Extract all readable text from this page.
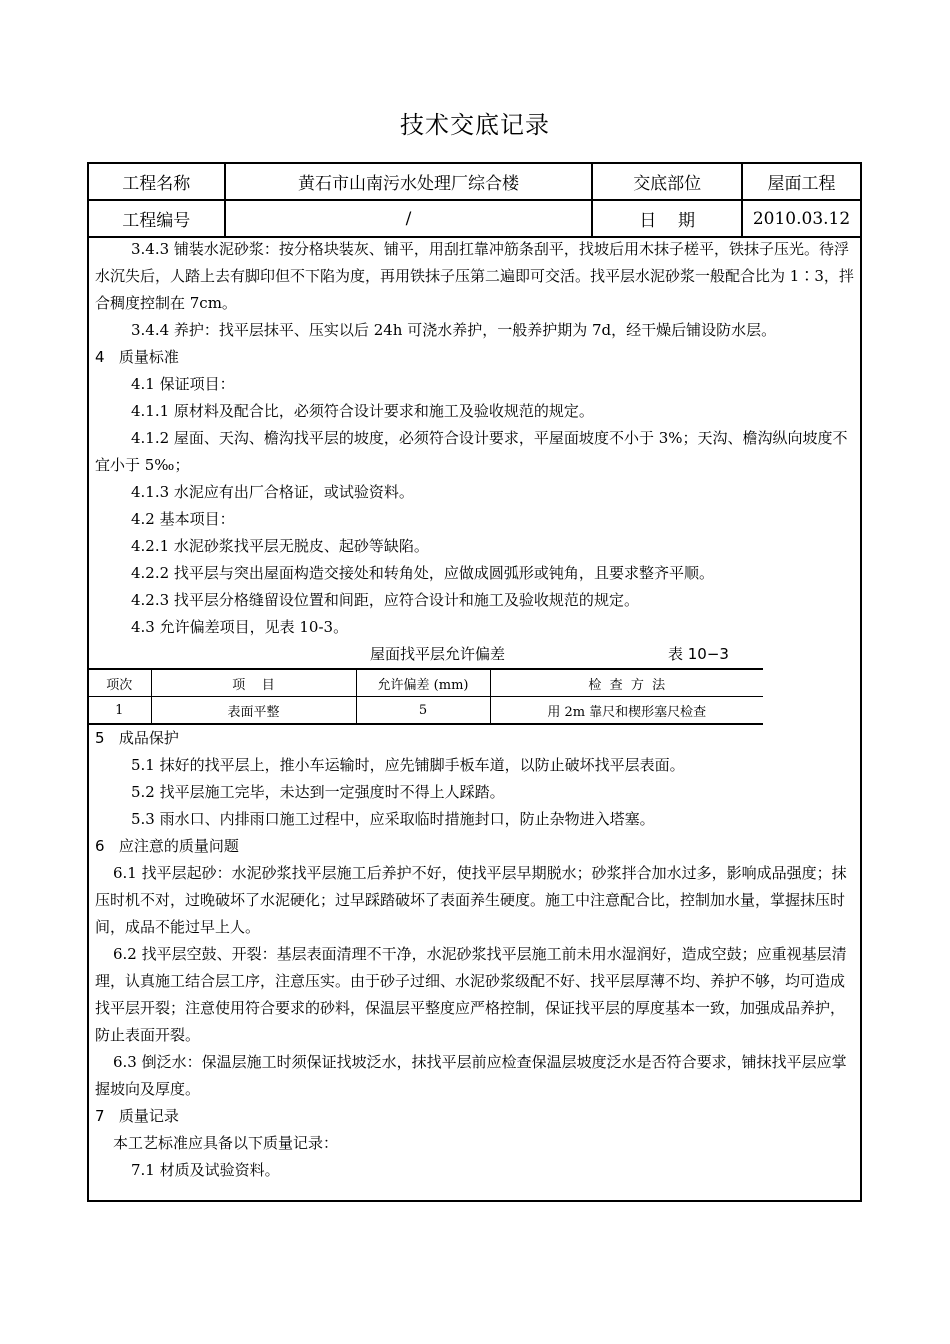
技术交底记录
工程名称	黄石市山南污水处理厂综合楼	交底部位	屋面工程
工程编号	/	日    期	2010.03.12
3.4.3 铺装水泥砂浆：按分格块装灰、铺平，用刮扛靠冲筋条刮平，找坡后用木抹子槎平，铁抹子压光。待浮水沉失后，人踏上去有脚印但不下陷为度，再用铁抹子压第二遍即可交活。找平层水泥砂浆一般配合比为 1∶3，拌合稠度控制在 7cm。
3.4.4 养护：找平层抹平、压实以后 24h 可浇水养护，一般养护期为 7d，经干燥后铺设防水层。
4   质量标准
4.1 保证项目：
4.1.1 原材料及配合比，必须符合设计要求和施工及验收规范的规定。
4.1.2 屋面、天沟、檐沟找平层的坡度，必须符合设计要求，平屋面坡度不小于 3%；天沟、檐沟纵向坡度不宜小于 5‰；
4.1.3 水泥应有出厂合格证，或试验资料。
4.2 基本项目：
4.2.1 水泥砂浆找平层无脱皮、起砂等缺陷。
4.2.2 找平层与突出屋面构造交接处和转角处，应做成圆弧形或钝角，且要求整齐平顺。
4.2.3 找平层分格缝留设位置和间距，应符合设计和施工及验收规范的规定。
4.3 允许偏差项目，见表 10-3。
屋面找平层允许偏差	表 10−3
项次	项    目	允许偏差 (mm)	检  查  方  法
1	表面平整	5	用 2m 靠尺和楔形塞尺检查
5   成品保护
5.1 抹好的找平层上，推小车运输时，应先铺脚手板车道，以防止破坏找平层表面。
5.2 找平层施工完毕，未达到一定强度时不得上人踩踏。
5.3 雨水口、内排雨口施工过程中，应采取临时措施封口，防止杂物进入塔塞。
6   应注意的质量问题
6.1 找平层起砂：水泥砂浆找平层施工后养护不好，使找平层早期脱水；砂浆拌合加水过多，影响成品强度；抹压时机不对，过晚破坏了水泥硬化；过早踩踏破坏了表面养生硬度。施工中注意配合比，控制加水量，掌握抹压时间，成品不能过早上人。
6.2 找平层空鼓、开裂：基层表面清理不干净，水泥砂浆找平层施工前未用水湿润好，造成空鼓；应重视基层清理，认真施工结合层工序，注意压实。由于砂子过细、水泥砂浆级配不好、找平层厚薄不均、养护不够，均可造成找平层开裂；注意使用符合要求的砂料，保温层平整度应严格控制，保证找平层的厚度基本一致，加强成品养护，防止表面开裂。
6.3 倒泛水：保温层施工时须保证找坡泛水，抹找平层前应检查保温层坡度泛水是否符合要求，铺抹找平层应掌握坡向及厚度。
7   质量记录
本工艺标准应具备以下质量记录：
7.1 材质及试验资料。
